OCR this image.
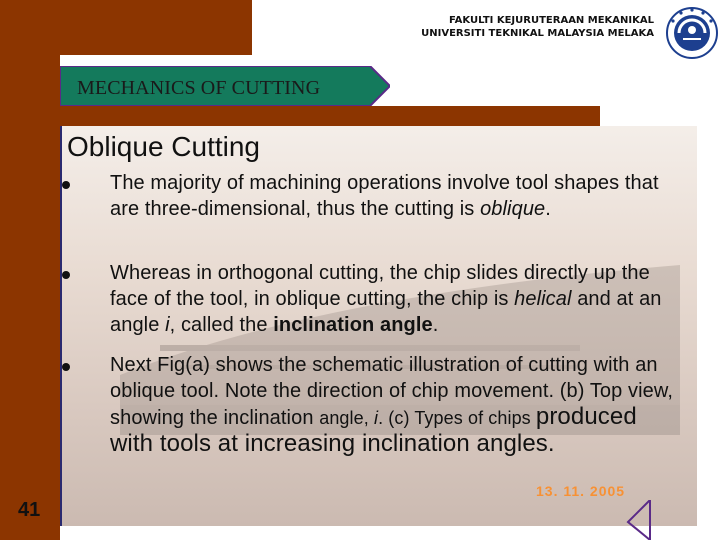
FAKULTI KEJURUTERAAN MEKANIKAL
UNIVERSITI TEKNIKAL MALAYSIA MELAKA
MECHANICS OF CUTTING
Oblique Cutting
The majority of machining operations involve tool shapes that are three-dimensional, thus the cutting is oblique.
Whereas in orthogonal cutting, the chip slides directly up the face of the tool, in oblique cutting, the chip is helical and at an angle i, called the inclination angle.
Next Fig(a) shows the schematic illustration of cutting with an oblique tool. Note the direction of chip movement. (b) Top view, showing the inclination angle, i. (c) Types of chips produced with tools at increasing inclination angles.
13. 11. 2005
41
